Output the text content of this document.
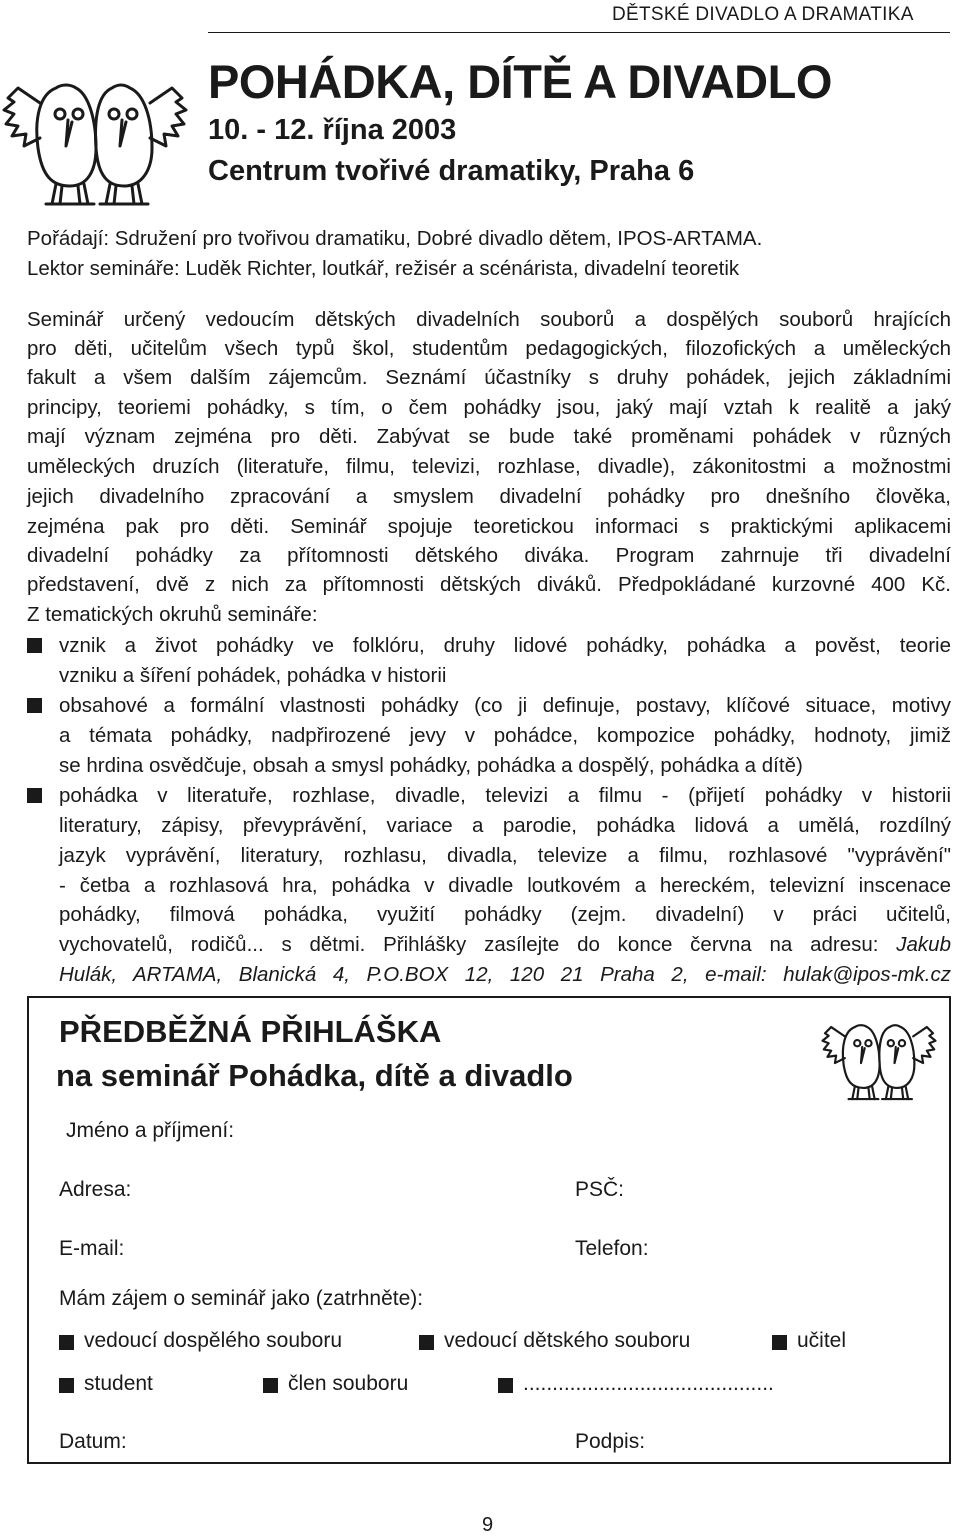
DĚTSKÉ DIVADLO A DRAMATIKA
POHÁDKA, DÍTĚ A DIVADLO
10. - 12. října 2003
Centrum tvořivé dramatiky, Praha 6
Pořádají: Sdružení pro tvořivou dramatiku, Dobré divadlo dětem, IPOS-ARTAMA.
Lektor semináře: Luděk Richter, loutkář, režisér a scénárista, divadelní teoretik
Seminář určený vedoucím dětských divadelních souborů a dospělých souborů hrajících
pro děti, učitelům všech typů škol, studentům pedagogických, filozofických a uměleckých
fakult a všem dalším zájemcům. Seznámí účastníky s druhy pohádek, jejich základními
principy, teoriemi pohádky, s tím, o čem pohádky jsou, jaký mají vztah k realitě a jaký
mají význam zejména pro děti. Zabývat se bude také proměnami pohádek v různých
uměleckých druzích (literatuře, filmu, televizi, rozhlase, divadle), zákonitostmi a možnostmi
jejich divadelního zpracování a smyslem divadelní pohádky pro dnešního člověka,
zejména pak pro děti. Seminář spojuje teoretickou informaci s praktickými aplikacemi
divadelní pohádky za přítomnosti dětského diváka. Program zahrnuje tři divadelní
představení, dvě z nich za přítomnosti dětských diváků. Předpokládané kurzovné 400 Kč.
Z tematických okruhů semináře:
vznik a život pohádky ve folklóru, druhy lidové pohádky, pohádka a pověst, teorie
vzniku a šíření pohádek, pohádka v historii
obsahové a formální vlastnosti pohádky (co ji definuje, postavy, klíčové situace, motivy
a témata pohádky, nadpřirozené jevy v pohádce, kompozice pohádky, hodnoty, jimiž
se hrdina osvědčuje, obsah a smysl pohádky, pohádka a dospělý, pohádka a dítě)
pohádka v literatuře, rozhlase, divadle, televizi a filmu - (přijetí pohádky v historii
literatury, zápisy, převyprávění, variace a parodie, pohádka lidová a umělá, rozdílný
jazyk vyprávění, literatury, rozhlasu, divadla, televize a filmu, rozhlasové "vyprávění"
- četba a rozhlasová hra, pohádka v divadle loutkovém a hereckém, televizní inscenace
pohádky, filmová pohádka, využití pohádky (zejm. divadelní) v práci učitelů,
vychovatelů, rodičů... s dětmi. Přihlášky zasílejte do konce června na adresu: Jakub
Hulák, ARTAMA, Blanická 4, P.O.BOX 12, 120 21 Praha 2, e-mail: hulak@ipos-mk.cz
PŘEDBĚŽNÁ PŘIHLÁŠKA
na seminář Pohádka, dítě a divadlo
Jméno a příjmení:
Adresa:	PSČ:
E-mail:	Telefon:
Mám zájem o seminář jako (zatrhněte):
vedoucí dospělého souboru	vedoucí dětského souboru	učitel
student	člen souboru	...........................................
Datum:	Podpis:
9
